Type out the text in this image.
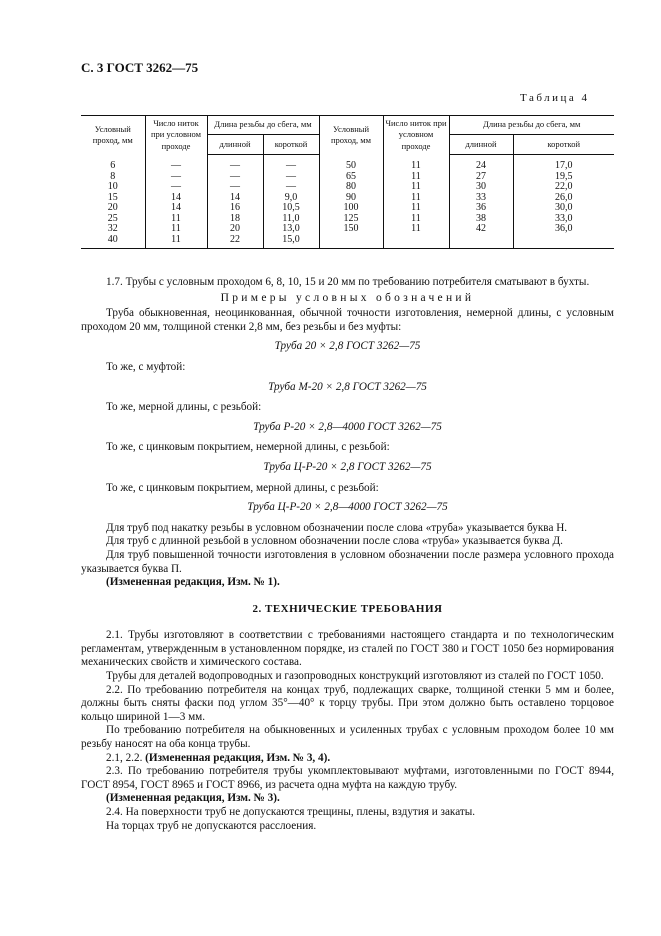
С. 3 ГОСТ 3262—75
Таблица 4
Условный проход, мм	Число ниток при условном проходе	Длина резьбы до сбега, мм		Условный проход, мм	Число ниток при условном проходе	Длина резьбы до сбега, мм	
		длинной	короткой			длинной	короткой
6	—	—	—	50	11	24	17,0
8	—	—	—	65	11	27	19,5
10	—	—	—	80	11	30	22,0
15	14	14	9,0	90	11	33	26,0
20	14	16	10,5	100	11	36	30,0
25	11	18	11,0	125	11	38	33,0
32	11	20	13,0	150	11	42	36,0
40	11	22	15,0				

1.7. Трубы с условным проходом 6, 8, 10, 15 и 20 мм по требованию потребителя сматывают в бухты.

Примеры условных обозначений

Труба обыкновенная, неоцинкованная, обычной точности изготовления, немерной длины, с условным проходом 20 мм, толщиной стенки 2,8 мм, без резьбы и без муфты:

Труба 20 × 2,8 ГОСТ 3262—75

То же, с муфтой:

Труба М-20 × 2,8 ГОСТ 3262—75

То же, мерной длины, с резьбой:

Труба Р-20 × 2,8—4000 ГОСТ 3262—75

То же, с цинковым покрытием, немерной длины, с резьбой:

Труба Ц-Р-20 × 2,8 ГОСТ 3262—75

То же, с цинковым покрытием, мерной длины, с резьбой:

Труба Ц-Р-20 × 2,8—4000 ГОСТ 3262—75

Для труб под накатку резьбы в условном обозначении после слова «труба» указывается буква Н.

Для труб с длинной резьбой в условном обозначении после слова «труба» указывается буква Д.

Для труб повышенной точности изготовления в условном обозначении после размера условного прохода указывается буква П.

(Измененная редакция, Изм. № 1).

2. ТЕХНИЧЕСКИЕ ТРЕБОВАНИЯ

2.1. Трубы изготовляют в соответствии с требованиями настоящего стандарта и по технологическим регламентам, утвержденным в установленном порядке, из сталей по ГОСТ 380 и ГОСТ 1050 без нормирования механических свойств и химического состава.

Трубы для деталей водопроводных и газопроводных конструкций изготовляют из сталей по ГОСТ 1050.

2.2. По требованию потребителя на концах труб, подлежащих сварке, толщиной стенки 5 мм и более, должны быть сняты фаски под углом 35°—40° к торцу трубы. При этом должно быть оставлено торцовое кольцо шириной 1—3 мм.

По требованию потребителя на обыкновенных и усиленных трубах с условным проходом более 10 мм резьбу наносят на оба конца трубы.

2.1, 2.2. (Измененная редакция, Изм. № 3, 4).

2.3. По требованию потребителя трубы укомплектовывают муфтами, изготовленными по ГОСТ 8944, ГОСТ 8954, ГОСТ 8965 и ГОСТ 8966, из расчета одна муфта на каждую трубу.

(Измененная редакция, Изм. № 3).

2.4. На поверхности труб не допускаются трещины, плены, вздутия и закаты.

На торцах труб не допускаются расслоения.
